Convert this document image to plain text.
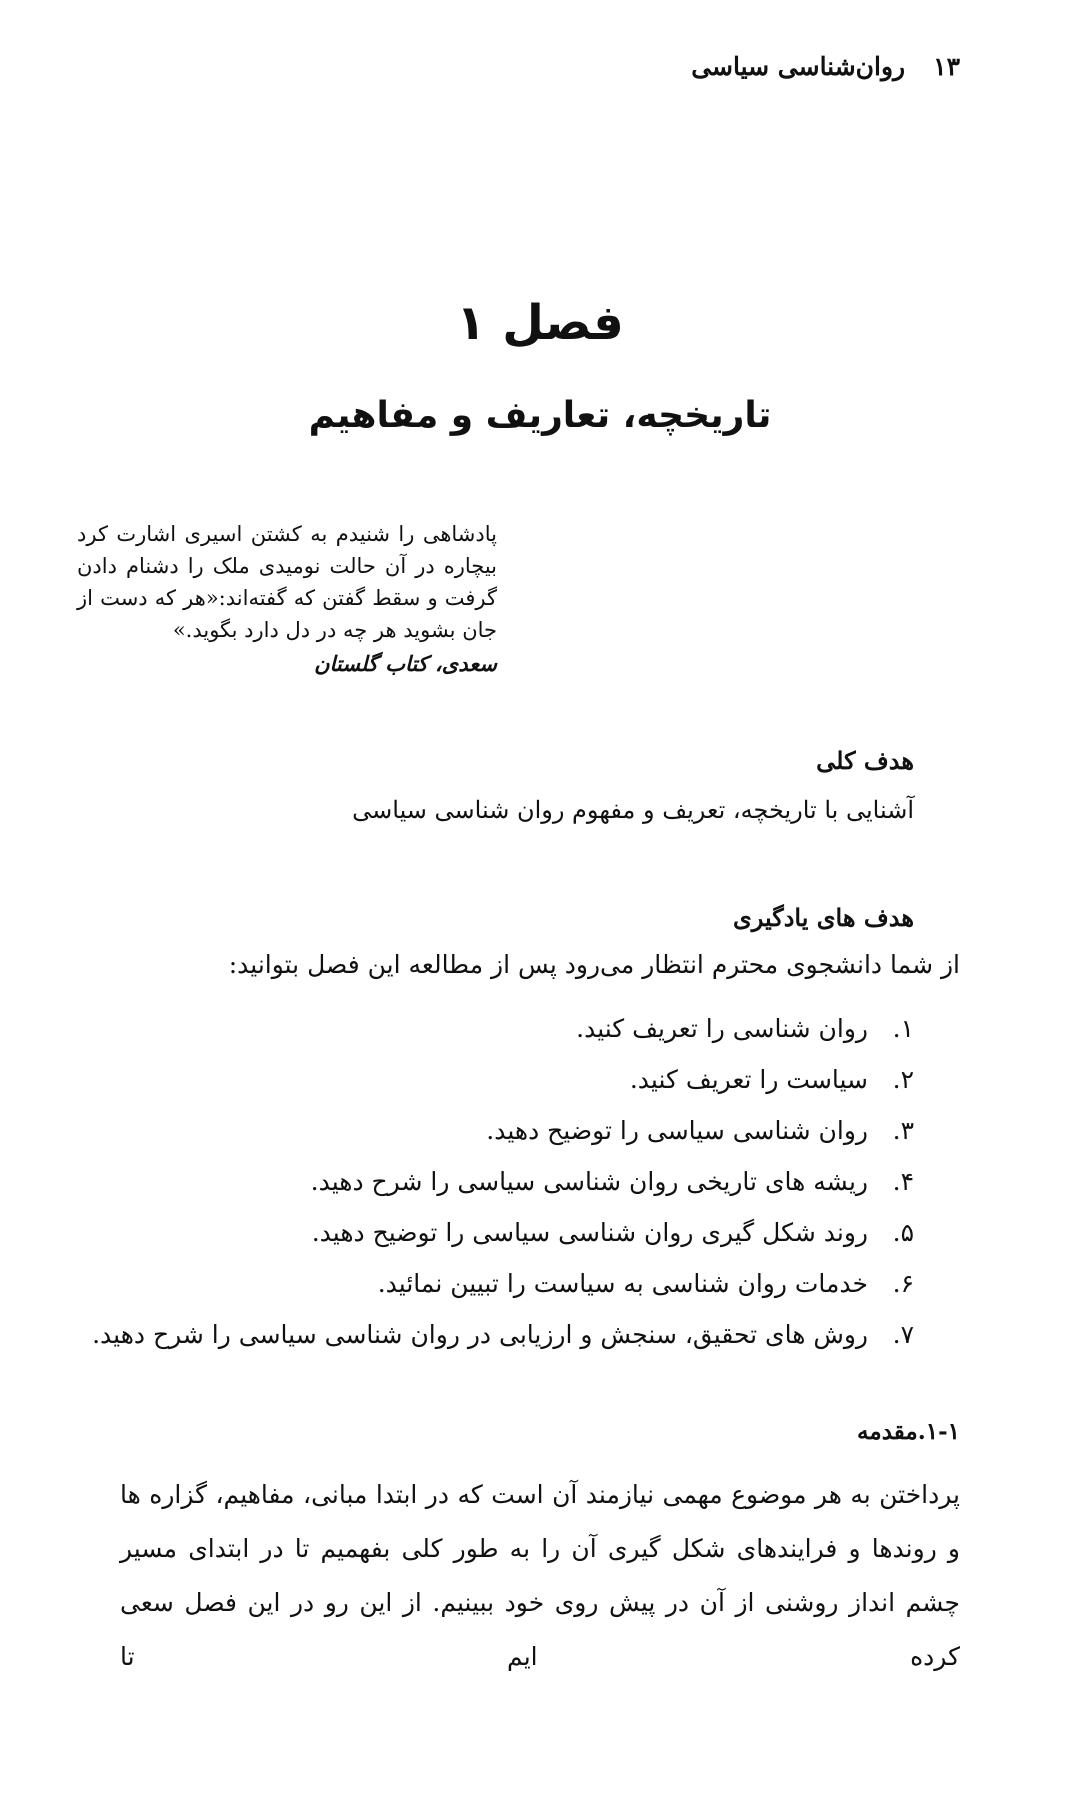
۱۳
روان‌شناسی سیاسی
فصل ۱
تاریخچه، تعاریف و مفاهیم

پادشاهی را شنیدم به کشتن اسیری اشارت کرد بیچاره در آن حالت نومیدی ملک را دشنام دادن گرفت و سقط گفتن که گفته‌اند:«هر که دست از جان بشوید هر چه در دل دارد بگوید.»

سعدی، کتاب گلستان

هدف کلی

آشنایی با تاریخچه، تعریف و مفهوم روان شناسی سیاسی

هدف های یادگیری

از شما دانشجوی محترم انتظار می‌رود پس از مطالعه این فصل بتوانید:

۱.
روان شناسی را تعریف کنید.
۲.
سیاست را تعریف کنید.
۳.
روان شناسی سیاسی را توضیح دهید.
۴.
ریشه های تاریخی روان شناسی سیاسی را شرح دهید.
۵.
روند شکل گیری روان شناسی سیاسی را توضیح دهید.
۶.
خدمات روان شناسی به سیاست را تبیین نمائید.
۷.
روش های تحقیق، سنجش و ارزیابی در روان شناسی سیاسی را شرح دهید.
۱-۱.مقدمه

پرداختن به هر موضوع مهمی نیازمند آن است که در ابتدا مبانی، مفاهیم، گزاره ها و روندها و فرایندهای شکل گیری آن را به طور کلی بفهمیم تا در ابتدای مسیر چشم انداز روشنی از آن در پیش روی خود ببینیم. از این رو در این فصل سعی کرده ایم تا
